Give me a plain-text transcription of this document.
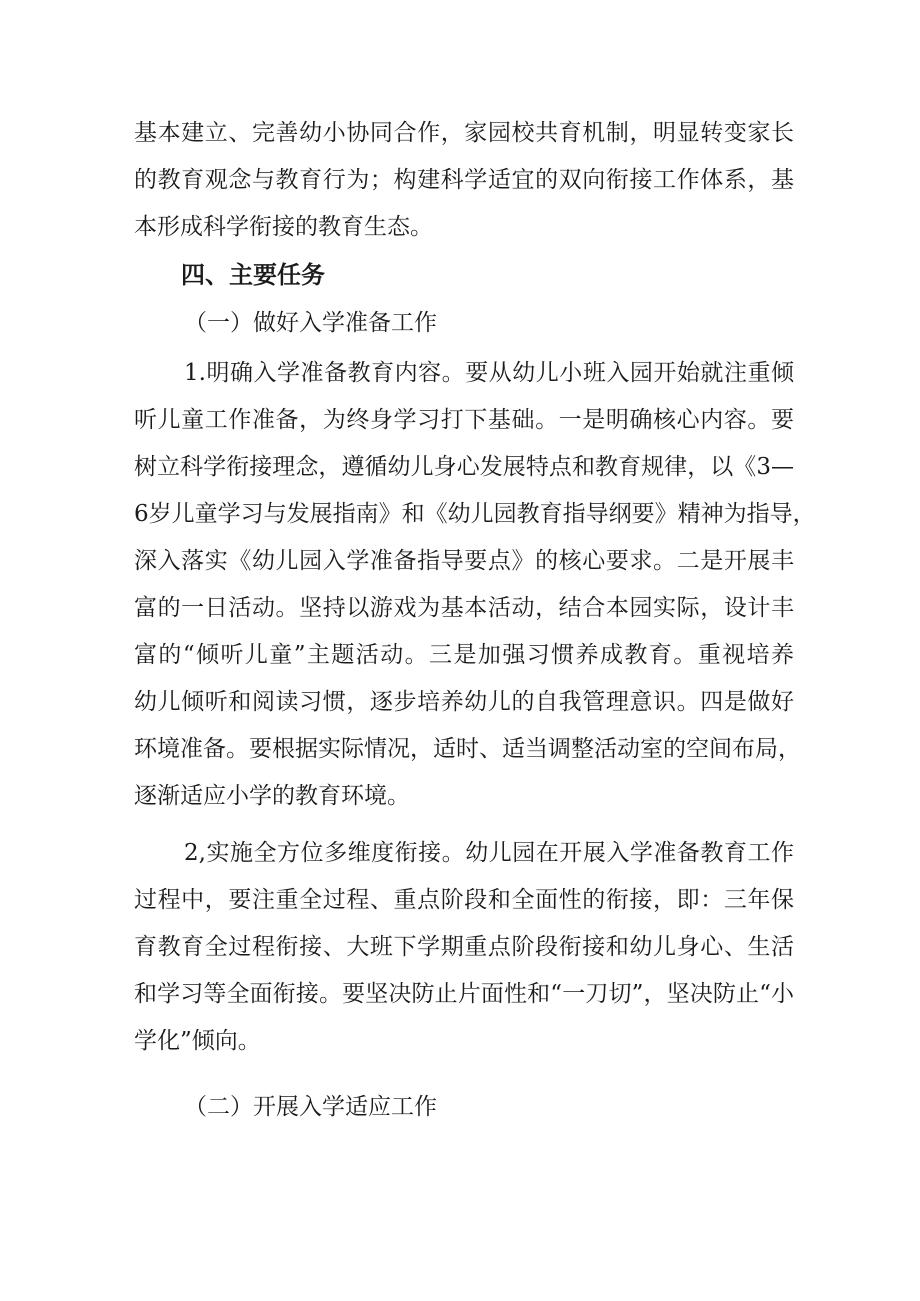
基本建立、完善幼小协同合作，家园校共育机制，明显转变家长
的教育观念与教育行为；构建科学适宜的双向衔接工作体系，基
本形成科学衔接的教育生态。
四、主要任务
（一）做好入学准备工作
1.明确入学准备教育内容。要从幼儿小班入园开始就注重倾
听儿童工作准备，为终身学习打下基础。一是明确核心内容。要
树立科学衔接理念，遵循幼儿身心发展特点和教育规律，以《3—
6岁儿童学习与发展指南》和《幼儿园教育指导纲要》精神为指导，
深入落实《幼儿园入学准备指导要点》的核心要求。二是开展丰
富的一日活动。坚持以游戏为基本活动，结合本园实际，设计丰
富的“倾听儿童”主题活动。三是加强习惯养成教育。重视培养
幼儿倾听和阅读习惯，逐步培养幼儿的自我管理意识。四是做好
环境准备。要根据实际情况，适时、适当调整活动室的空间布局，
逐渐适应小学的教育环境。
2,实施全方位多维度衔接。幼儿园在开展入学准备教育工作
过程中，要注重全过程、重点阶段和全面性的衔接，即：三年保
育教育全过程衔接、大班下学期重点阶段衔接和幼儿身心、生活
和学习等全面衔接。要坚决防止片面性和“一刀切”，坚决防止“小
学化”倾向。
（二）开展入学适应工作
